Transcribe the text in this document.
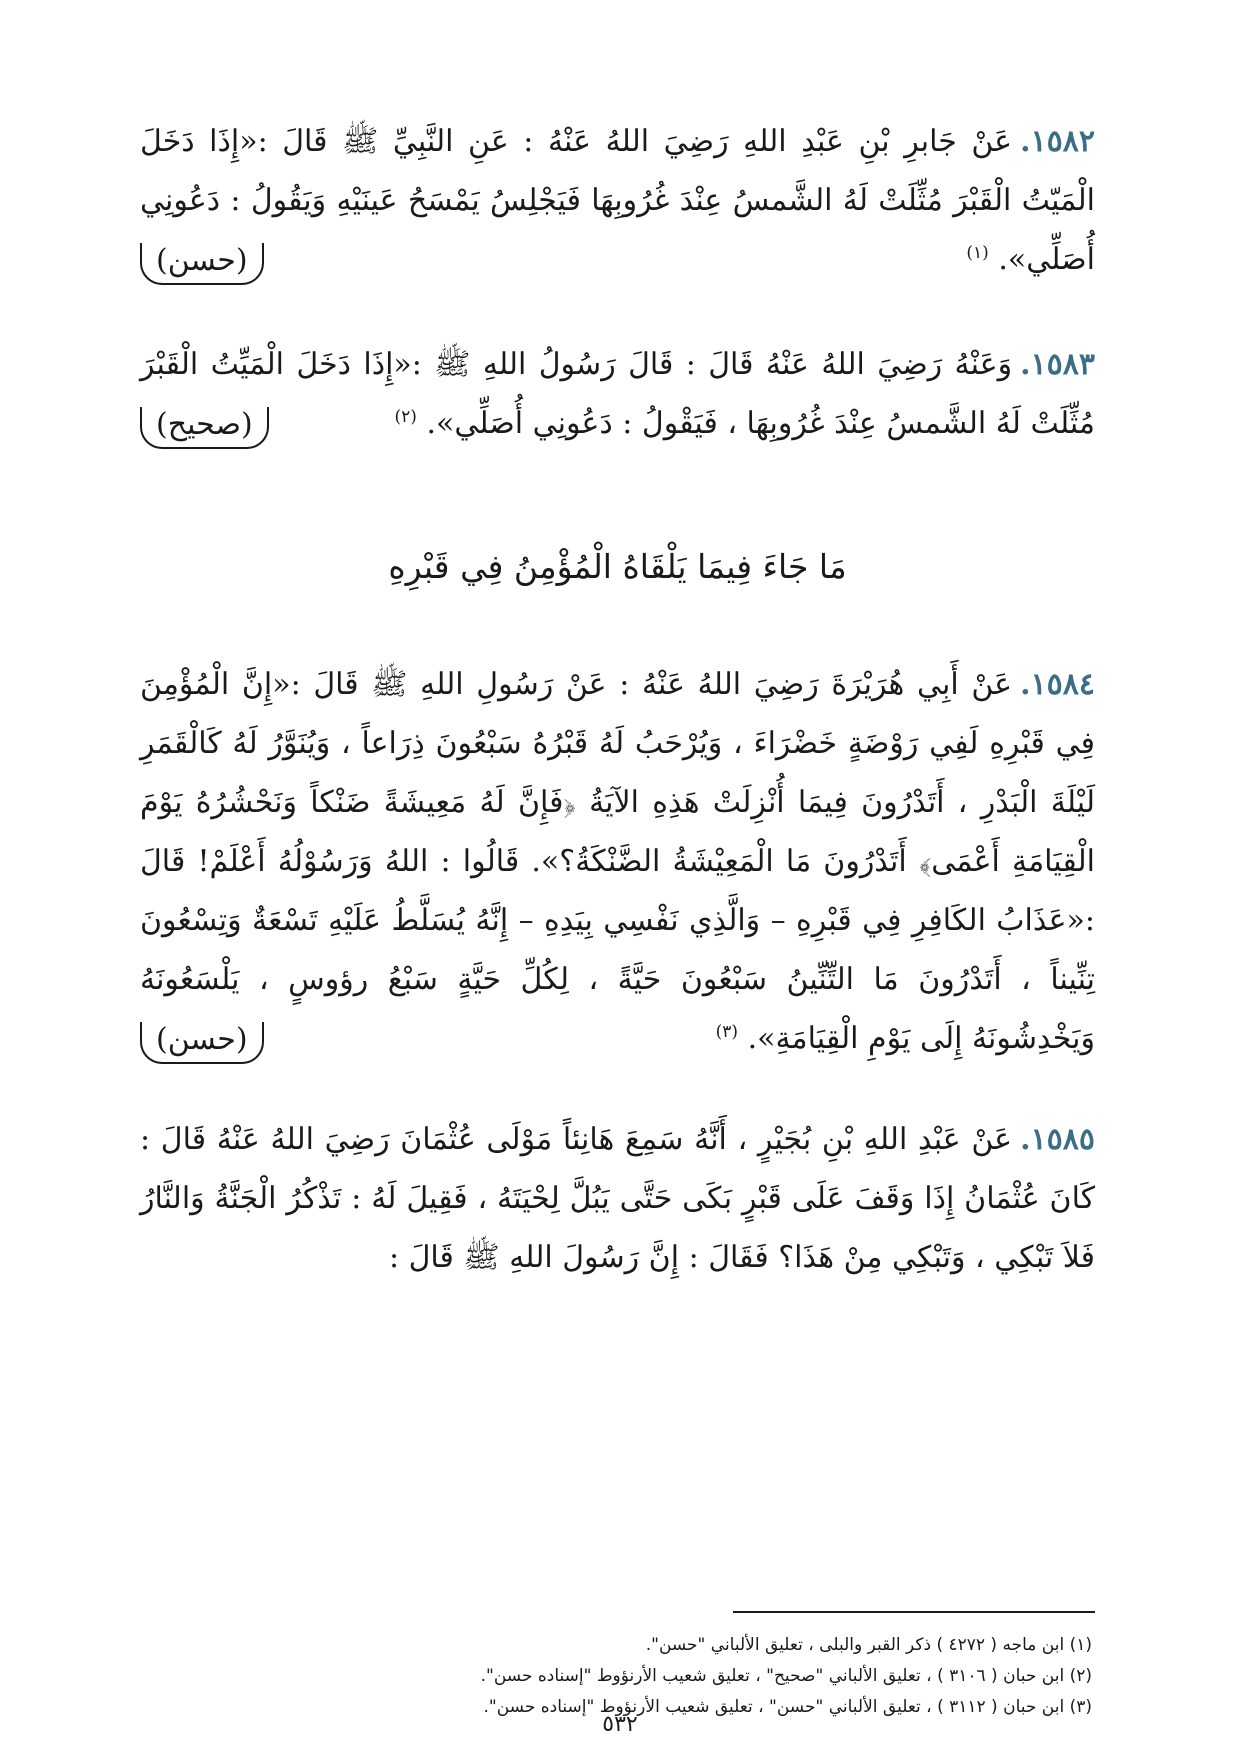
١٥٨٢.عَنْ جَابرِ بْنِ عَبْدِ اللهِ رَضِيَ اللهُ عَنْهُ : عَنِ النَّبِيِّ ﷺ قَالَ :«إِذَا دَخَلَ الْمَيّتُ الْقَبْرَ مُثِّلَتْ لَهُ الشَّمسُ عِنْدَ غُرُوبِهَا فَيَجْلِسُ يَمْسَحُ عَينَيْهِ وَيَقُولُ : دَعُونِي أُصَلِّي». $^{(١)}$

(حسن)

١٥٨٣.وَعَنْهُ رَضِيَ اللهُ عَنْهُ قَالَ : قَالَ رَسُولُ اللهِ ﷺ :«إِذَا دَخَلَ الْمَيِّتُ الْقَبْرَ مُثِّلَتْ لَهُ الشَّمسُ عِنْدَ غُرُوبِهَا ، فَيَقْولُ : دَعُونِي أُصَلِّي». $^{(٢)}$

(صحيح)

مَا جَاءَ فِيمَا يَلْقَاهُ الْمُؤْمِنُ فِي قَبْرِهِ

١٥٨٤.عَنْ أَبِي هُرَيْرَةَ رَضِيَ اللهُ عَنْهُ : عَنْ رَسُولِ اللهِ ﷺ قَالَ :«إِنَّ الْمُؤْمِنَ فِي قَبْرِهِ لَفِي رَوْضَةٍ خَضْرَاءَ ، وَيُرْحَبُ لَهُ قَبْرُهُ سَبْعُونَ ذِرَاعاً ، وَيُنَوَّرُ لَهُ كَالْقَمَرِ لَيْلَةَ الْبَدْرِ ، أَتَدْرُونَ فِيمَا أُنْزِلَتْ هَذِهِ الآيَةُ ﴿فَإِنَّ لَهُ مَعِيشَةً ضَنْكاً وَنَحْشُرُهُ يَوْمَ الْقِيَامَةِ أَعْمَى﴾ أَتَدْرُونَ مَا الْمَعِيْشَةُ الضَّنْكَةُ؟». قَالُوا : اللهُ وَرَسُوْلُهُ أَعْلَمْ! قَالَ :«عَذَابُ الكَافِرِ فِي قَبْرِهِ – وَالَّذِي نَفْسِي بِيَدِهِ – إِنَّهُ يُسَلَّطُ عَلَيْهِ تَسْعَةٌ وَتِسْعُونَ تِنِّيناً ، أَتَدْرُونَ مَا التِّنِّينُ سَبْعُونَ حَيَّةً ، لِكُلِّ حَيَّةٍ سَبْعُ رؤوسٍ ، يَلْسَعُونَهُ وَيَخْدِشُونَهُ إِلَى يَوْمِ الْقِيَامَةِ». $^{(٣)}$

(حسن)

١٥٨٥.عَنْ عَبْدِ اللهِ بْنِ بُجَيْرٍ ، أَنَّهُ سَمِعَ هَانِئاً مَوْلَى عُثْمَانَ رَضِيَ اللهُ عَنْهُ قَالَ : كَانَ عُثْمَانُ إِذَا وَقَفَ عَلَى قَبْرٍ بَكَى حَتَّى يَبُلَّ لِحْيَتَهُ ، فَقِيلَ لَهُ : تَذْكُرُ الْجَنَّةُ وَالنَّارُ فَلاَ تَبْكِي ، وَتَبْكِي مِنْ هَذَا؟ فَقَالَ : إِنَّ رَسُولَ اللهِ ﷺ قَالَ :

(١) ابن ماجه ( ٤٢٧٢ ) ذكر القبر والبلى ، تعليق الألباني "حسن".
(٢) ابن حبان ( ٣١٠٦ ) ، تعليق الألباني "صحيح" ، تعليق شعيب الأرنؤوط "إسناده حسن".
(٣) ابن حبان ( ٣١١٢ ) ، تعليق الألباني "حسن" ، تعليق شعيب الأرنؤوط "إسناده حسن".
٥٣٢
